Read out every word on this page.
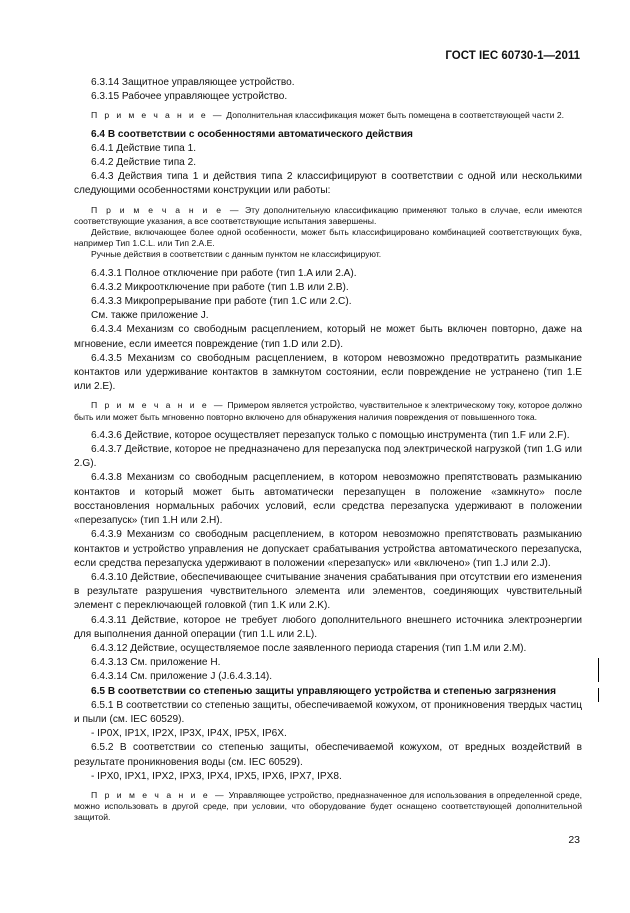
ГОСТ IEC 60730-1—2011

6.3.14 Защитное управляющее устройство.

6.3.15 Рабочее управляющее устройство.

П р и м е ч а н и е — Дополнительная классификация может быть помещена в соответствующей части 2.

6.4 В соответствии с особенностями автоматического действия

6.4.1 Действие типа 1.

6.4.2 Действие типа 2.

6.4.3 Действия типа 1 и действия типа 2 классифицируют в соответствии с одной или несколькими следующими особенностями конструкции или работы:

П р и м е ч а н и е — Эту дополнительную классификацию применяют только в случае, если имеются соответствующие указания, а все соответствующие испытания завершены.

Действие, включающее более одной особенности, может быть классифицировано комбинацией соответствующих букв, например Тип 1.C.L. или Тип 2.A.E.

Ручные действия в соответствии с данным пунктом не классифицируют.

6.4.3.1 Полное отключение при работе (тип 1.A или 2.A).

6.4.3.2 Микроотключение при работе (тип 1.B или 2.B).

6.4.3.3 Микропрерывание при работе (тип 1.C или 2.C).

См. также приложение J.

6.4.3.4 Механизм со свободным расцеплением, который не может быть включен повторно, даже на мгновение, если имеется повреждение (тип 1.D или 2.D).

6.4.3.5 Механизм со свободным расцеплением, в котором невозможно предотвратить размыкание контактов или удерживание контактов в замкнутом состоянии, если повреждение не устранено (тип 1.E или 2.E).

П р и м е ч а н и е — Примером является устройство, чувствительное к электрическому току, которое должно быть или может быть мгновенно повторно включено для обнаружения наличия повреждения от повышенного тока.

6.4.3.6 Действие, которое осуществляет перезапуск только с помощью инструмента (тип 1.F или 2.F).

6.4.3.7 Действие, которое не предназначено для перезапуска под электрической нагрузкой (тип 1.G или 2.G).

6.4.3.8 Механизм со свободным расцеплением, в котором невозможно препятствовать размыканию контактов и который может быть автоматически перезапущен в положение «замкнуто» после восстановления нормальных рабочих условий, если средства перезапуска удерживают в положении «перезапуск» (тип 1.H или 2.H).

6.4.3.9 Механизм со свободным расцеплением, в котором невозможно препятствовать размыканию контактов и устройство управления не допускает срабатывания устройства автоматического перезапуска, если средства перезапуска удерживают в положении «перезапуск» или «включено» (тип 1.J или 2.J).

6.4.3.10 Действие, обеспечивающее считывание значения срабатывания при отсутствии его изменения в результате разрушения чувствительного элемента или элементов, соединяющих чувствительный элемент с переключающей головкой (тип 1.K или 2.K).

6.4.3.11 Действие, которое не требует любого дополнительного внешнего источника электроэнергии для выполнения данной операции (тип 1.L или 2.L).

6.4.3.12 Действие, осуществляемое после заявленного периода старения (тип 1.M или 2.M).

6.4.3.13 См. приложение H.

6.4.3.14 См. приложение J (J.6.4.3.14).

6.5 В соответствии со степенью защиты управляющего устройства и степенью загрязнения

6.5.1 В соответствии со степенью защиты, обеспечиваемой кожухом, от проникновения твердых частиц и пыли (см. IEC 60529).

- IP0X, IP1X, IP2X, IP3X, IP4X, IP5X, IP6X.

6.5.2 В соответствии со степенью защиты, обеспечиваемой кожухом, от вредных воздействий в результате проникновения воды (см. IEC 60529).

- IPX0, IPX1, IPX2, IPX3, IPX4, IPX5, IPX6, IPX7, IPX8.

П р и м е ч а н и е — Управляющее устройство, предназначенное для использования в определенной среде, можно использовать в другой среде, при условии, что оборудование будет оснащено соответствующей дополнительной защитой.

23
